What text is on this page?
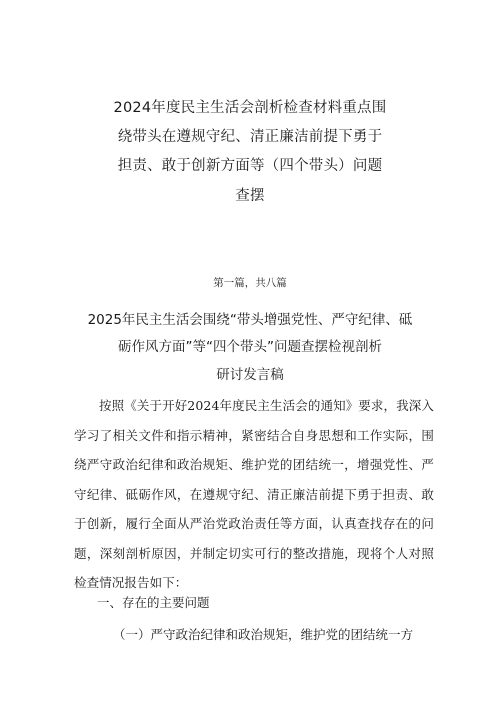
2024年度民主生活会剖析检查材料重点围
绕带头在遵规守纪、清正廉洁前提下勇于
担责、敢于创新方面等（四个带头）问题
查摆
第一篇，共八篇
2025年民主生活会围绕“带头增强党性、严守纪律、砥
砺作风方面”等“四个带头”问题查摆检视剖析
研讨发言稿
按照《关于开好2024年度民主生活会的通知》要求，我深入学习了相关文件和指示精神，紧密结合自身思想和工作实际，围绕严守政治纪律和政治规矩、维护党的团结统一，增强党性、严守纪律、砥砺作风，在遵规守纪、清正廉洁前提下勇于担责、敢于创新，履行全面从严治党政治责任等方面，认真查找存在的问题，深刻剖析原因，并制定切实可行的整改措施，现将个人对照检查情况报告如下：
一、存在的主要问题
（一）严守政治纪律和政治规矩，维护党的团结统一方
